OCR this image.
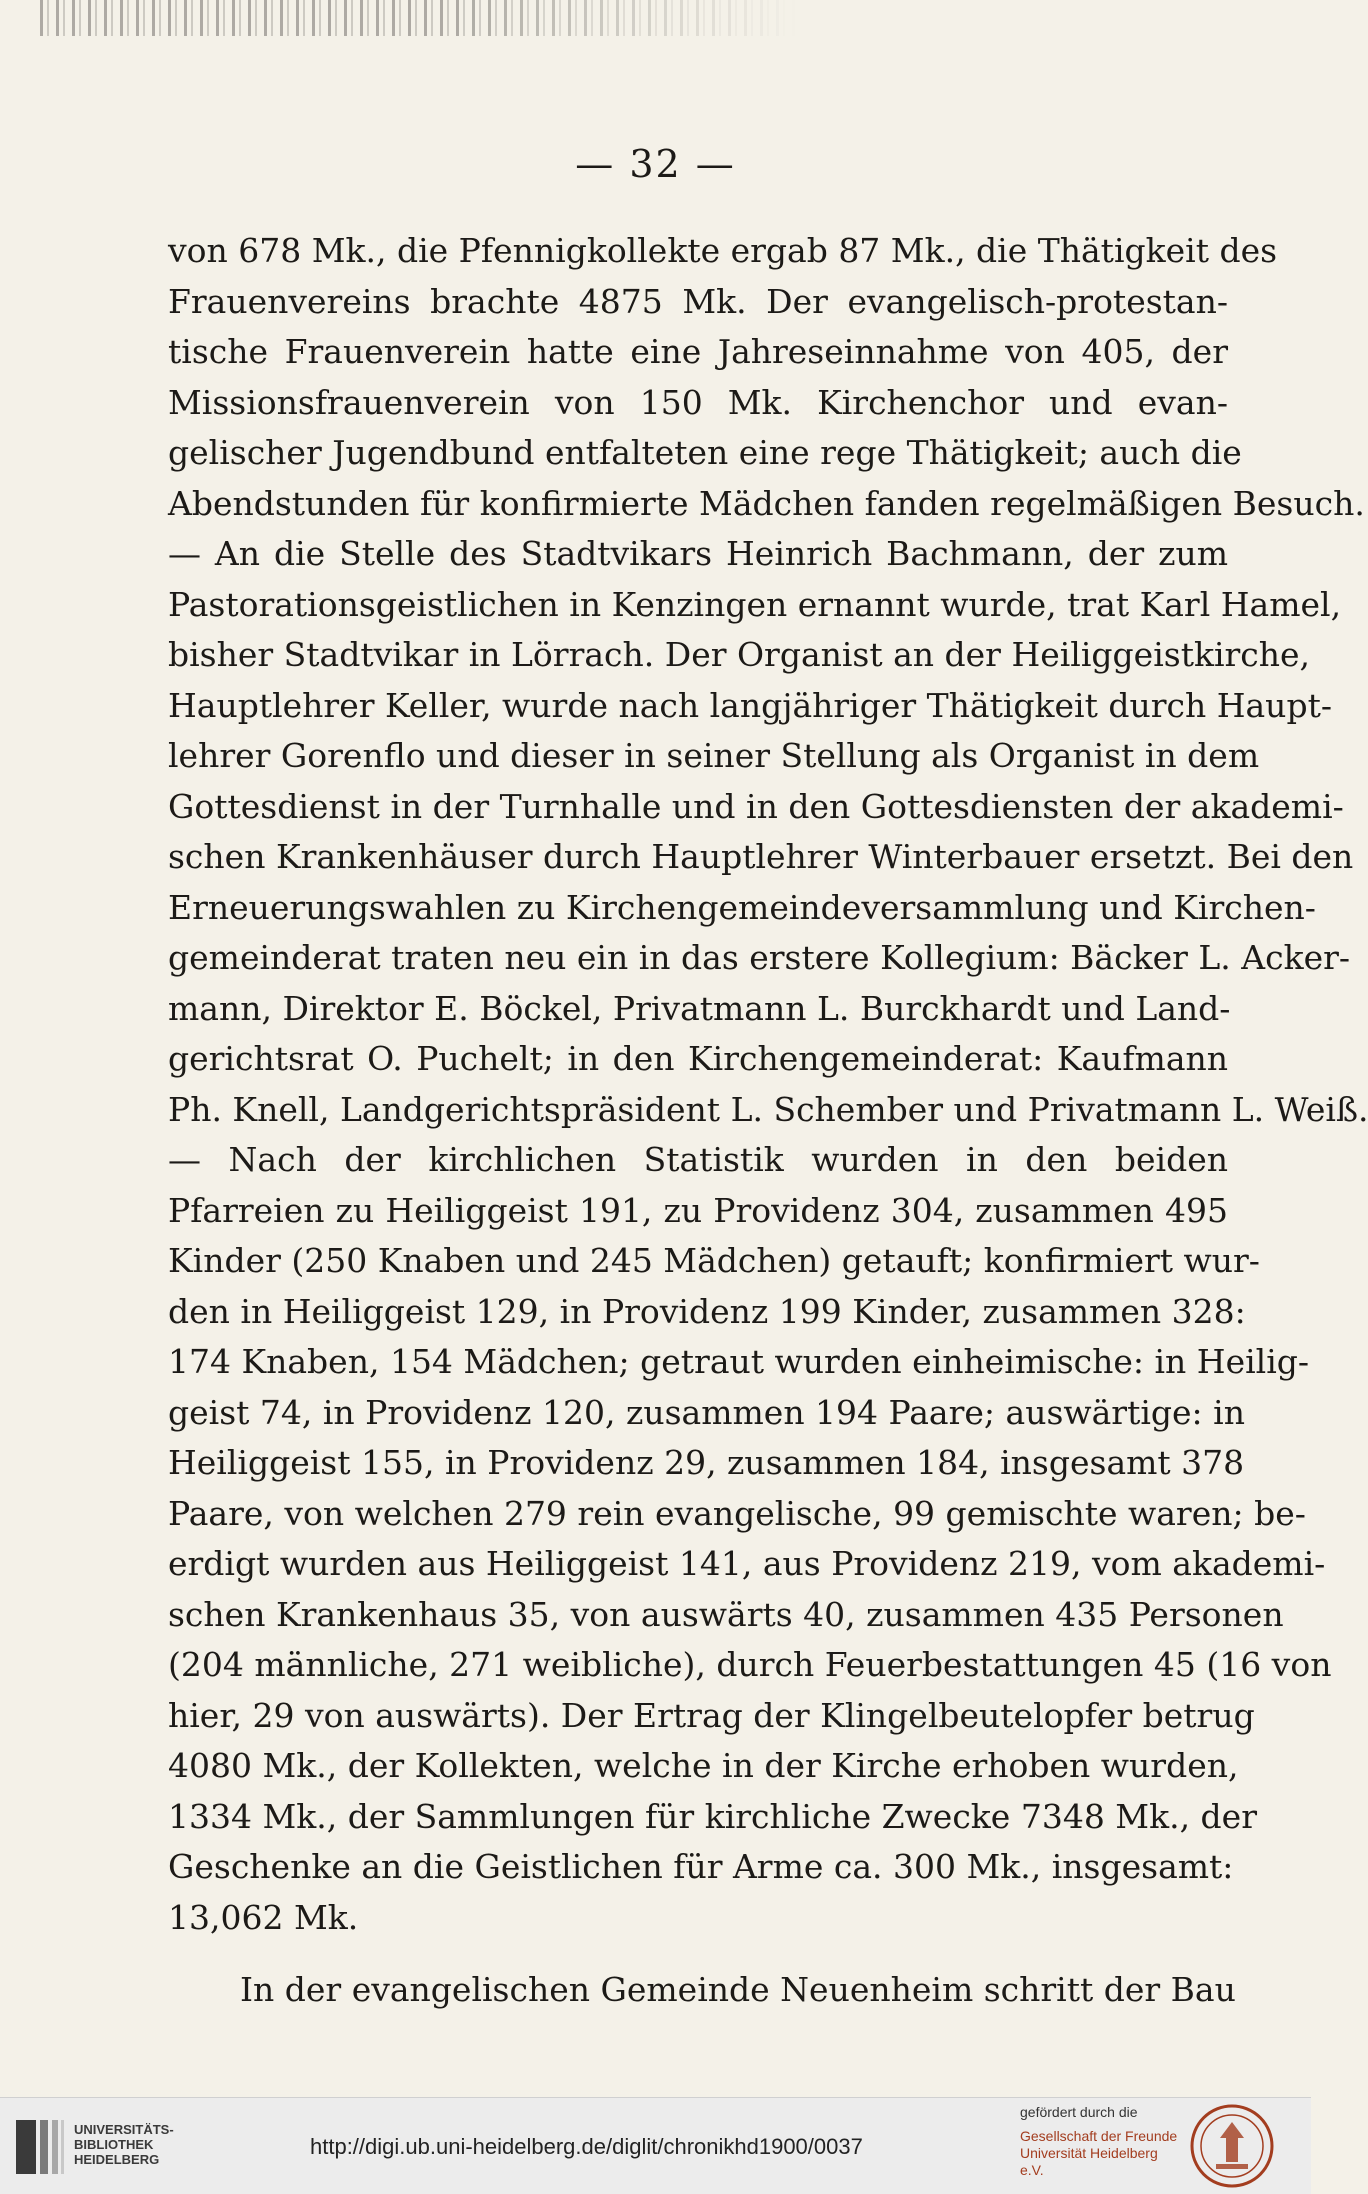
— 32 —
von 678 Mk., die Pfennigkollekte ergab 87 Mk., die Thätigkeit des
Frauenvereins brachte 4875 Mk. Der evangelisch-protestan-
tische Frauenverein hatte eine Jahreseinnahme von 405, der
Missionsfrauenverein von 150 Mk. Kirchenchor und evan-
gelischer Jugendbund entfalteten eine rege Thätigkeit; auch die
Abendstunden für konfirmierte Mädchen fanden regelmäßigen Besuch.
— An die Stelle des Stadtvikars Heinrich Bachmann, der zum
Pastorationsgeistlichen in Kenzingen ernannt wurde, trat Karl Hamel,
bisher Stadtvikar in Lörrach. Der Organist an der Heiliggeistkirche,
Hauptlehrer Keller, wurde nach langjähriger Thätigkeit durch Haupt-
lehrer Gorenflo und dieser in seiner Stellung als Organist in dem
Gottesdienst in der Turnhalle und in den Gottesdiensten der akademi-
schen Krankenhäuser durch Hauptlehrer Winterbauer ersetzt. Bei den
Erneuerungswahlen zu Kirchengemeindeversammlung und Kirchen-
gemeinderat traten neu ein in das erstere Kollegium: Bäcker L. Acker-
mann, Direktor E. Böckel, Privatmann L. Burckhardt und Land-
gerichtsrat O. Puchelt; in den Kirchengemeinderat: Kaufmann
Ph. Knell, Landgerichtspräsident L. Schember und Privatmann L. Weiß.
— Nach der kirchlichen Statistik wurden in den beiden
Pfarreien zu Heiliggeist 191, zu Providenz 304, zusammen 495
Kinder (250 Knaben und 245 Mädchen) getauft; konfirmiert wur-
den in Heiliggeist 129, in Providenz 199 Kinder, zusammen 328:
174 Knaben, 154 Mädchen; getraut wurden einheimische: in Heilig-
geist 74, in Providenz 120, zusammen 194 Paare; auswärtige: in
Heiliggeist 155, in Providenz 29, zusammen 184, insgesamt 378
Paare, von welchen 279 rein evangelische, 99 gemischte waren; be-
erdigt wurden aus Heiliggeist 141, aus Providenz 219, vom akademi-
schen Krankenhaus 35, von auswärts 40, zusammen 435 Personen
(204 männliche, 271 weibliche), durch Feuerbestattungen 45 (16 von
hier, 29 von auswärts). Der Ertrag der Klingelbeutelopfer betrug
4080 Mk., der Kollekten, welche in der Kirche erhoben wurden,
1334 Mk., der Sammlungen für kirchliche Zwecke 7348 Mk., der
Geschenke an die Geistlichen für Arme ca. 300 Mk., insgesamt:
13,062 Mk.
In der evangelischen Gemeinde Neuenheim schritt der Bau
UNIVERSITÄTS-
BIBLIOTHEK
HEIDELBERG
http://digi.ub.uni-heidelberg.de/diglit/chronikhd1900/0037
gefördert durch die
Gesellschaft der Freunde
Universität Heidelberg e.V.
